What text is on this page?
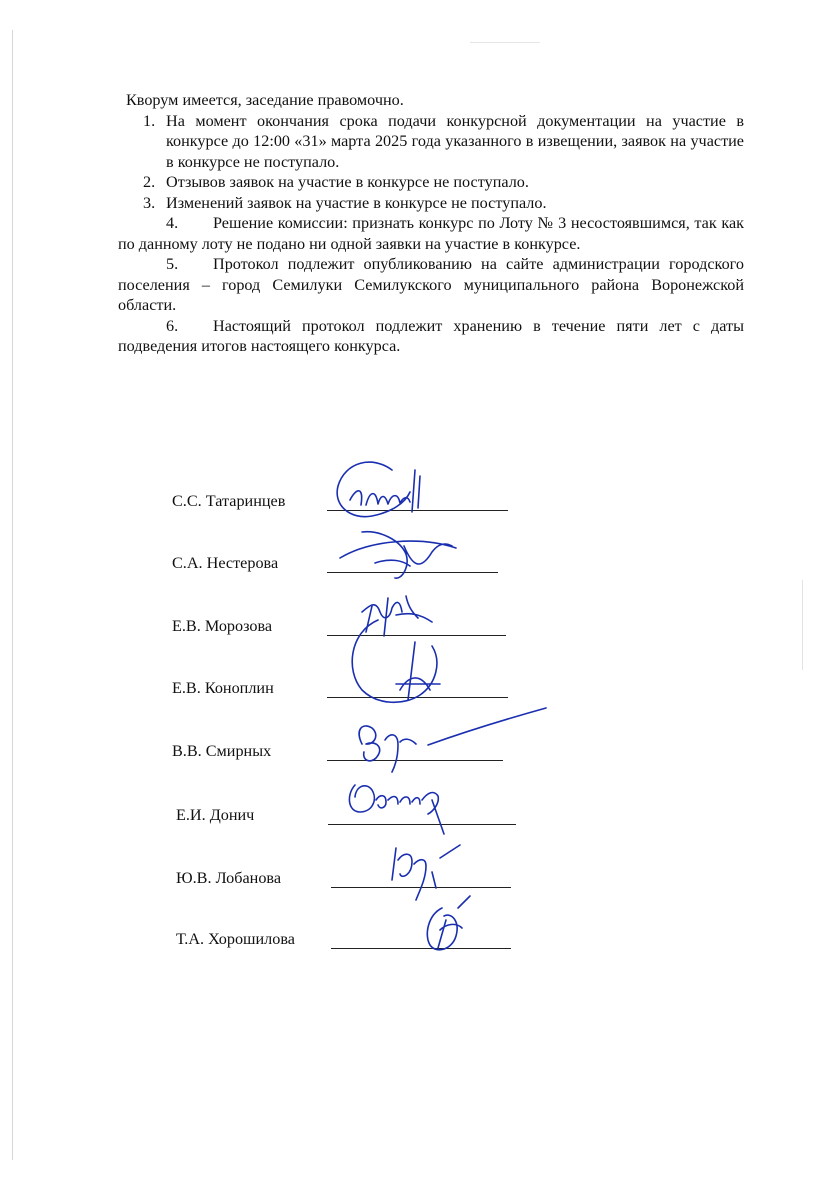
Кворум имеется, заседание правомочно.

1. На момент окончания срока подачи конкурсной документации на участие в конкурсе до 12:00 «31» марта 2025 года указанного в извещении, заявок на участие в конкурсе не поступало.

2. Отзывов заявок на участие в конкурсе не поступало.

3. Изменений заявок на участие в конкурсе не поступало.

4. Решение комиссии: признать конкурс по Лоту № 3 несостоявшимся, так как по данному лоту не подано ни одной заявки на участие в конкурсе.

5. Протокол подлежит опубликованию на сайте администрации городского поселения – город Семилуки Семилукского муниципального района Воронежской области.

6. Настоящий протокол подлежит хранению в течение пяти лет с даты подведения итогов настоящего конкурса.

С.С. Татаринцев
С.А. Нестерова
Е.В. Морозова
Е.В. Коноплин
В.В. Смирных
Е.И. Донич
Ю.В. Лобанова
Т.А. Хорошилова
